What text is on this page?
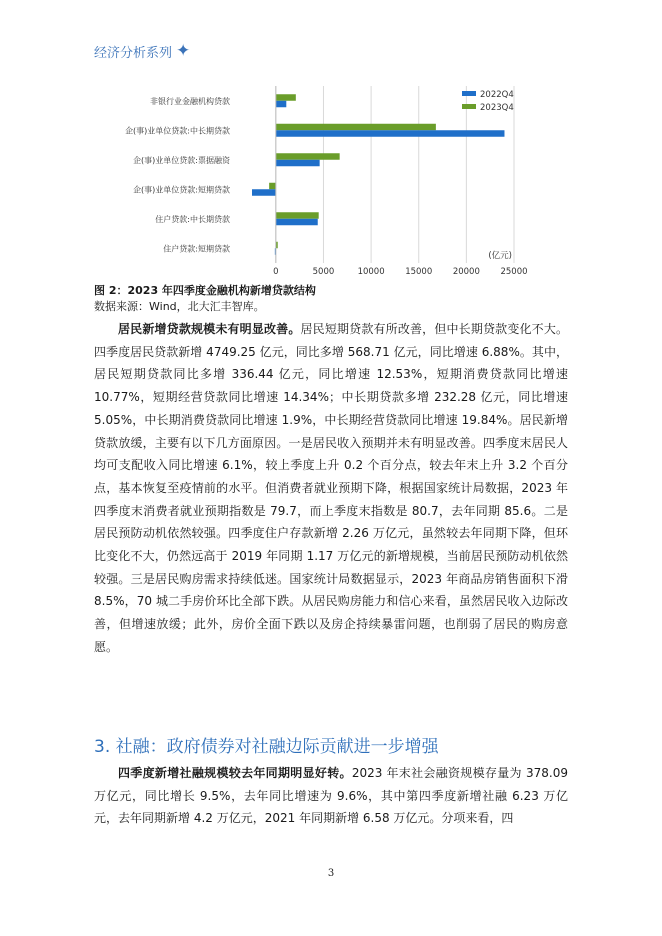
经济分析系列 ✦
0	5000	10000 15000 20000 25000
非银行业金融机构贷款
企(事)业单位贷款:中长期贷款
企(事)业单位贷款:票据融资
企(事)业单位贷款:短期贷款
住户贷款:中长期贷款
住户贷款:短期贷款
(亿元)
2022Q4
2023Q4
图 2：2023 年四季度金融机构新增贷款结构
数据来源：Wind，北大汇丰智库。

居民新增贷款规模未有明显改善。居民短期贷款有所改善，但中长期贷款变化不大。四季度居民贷款新增 4749.25 亿元，同比多增 568.71 亿元，同比增速 6.88%。其中，居民短期贷款同比多增 336.44 亿元，同比增速 12.53%，短期消费贷款同比增速 10.77%，短期经营贷款同比增速 14.34%；中长期贷款多增 232.28 亿元，同比增速 5.05%，中长期消费贷款同比增速 1.9%，中长期经营贷款同比增速 19.84%。居民新增贷款放缓，主要有以下几方面原因。一是居民收入预期并未有明显改善。四季度末居民人均可支配收入同比增速 6.1%，较上季度上升 0.2 个百分点，较去年末上升 3.2 个百分点，基本恢复至疫情前的水平。但消费者就业预期下降，根据国家统计局数据，2023 年四季度末消费者就业预期指数是 79.7，而上季度末指数是 80.7，去年同期 85.6。二是居民预防动机依然较强。四季度住户存款新增 2.26 万亿元，虽然较去年同期下降，但环比变化不大，仍然远高于 2019 年同期 1.17 万亿元的新增规模，当前居民预防动机依然较强。三是居民购房需求持续低迷。国家统计局数据显示，2023 年商品房销售面积下滑 8.5%，70 城二手房价环比全部下跌。从居民购房能力和信心来看，虽然居民收入边际改善，但增速放缓；此外，房价全面下跌以及房企持续暴雷问题，也削弱了居民的购房意愿。

3. 社融：政府债券对社融边际贡献进一步增强

四季度新增社融规模较去年同期明显好转。2023 年末社会融资规模存量为 378.09 万亿元，同比增长 9.5%，去年同比增速为 9.6%，其中第四季度新增社融 6.23 万亿元，去年同期新增 4.2 万亿元，2021 年同期新增 6.58 万亿元。分项来看，四

3
